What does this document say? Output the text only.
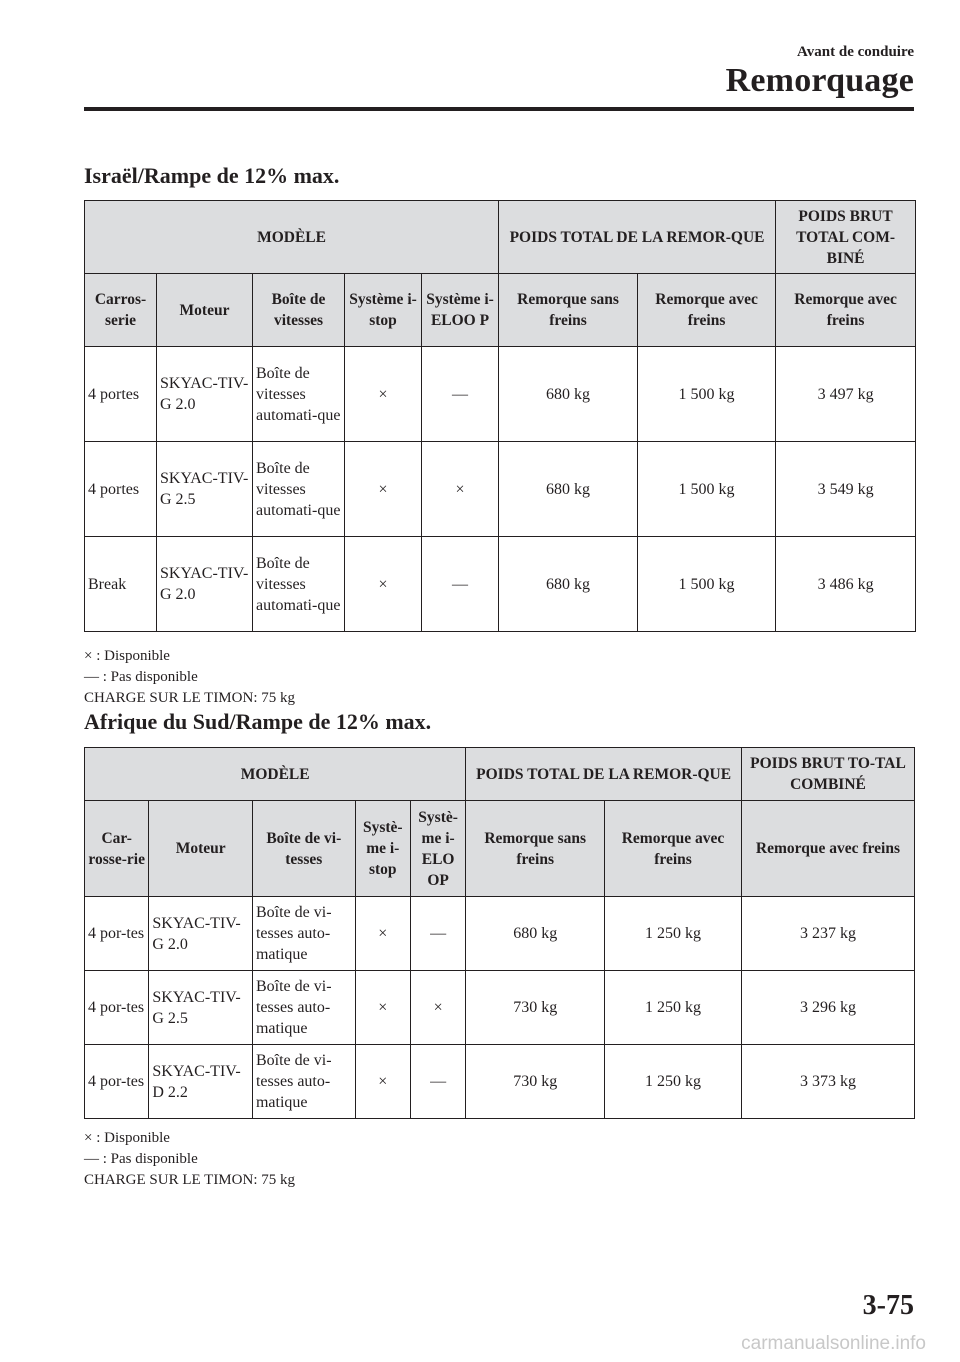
Avant de conduire
Remorquage
Israël/Rampe de 12% max.
MODÈLE					POIDS TOTAL DE LA REMOR-QUE		POIDS BRUT TOTAL COM-BINÉ
Carros-serie	Moteur	Boîte de vitesses	Système i-stop	Système i-ELOO P	Remorque sans freins	Remorque avec freins	Remorque avec freins
4 portes	SKYAC-TIV-G 2.0	Boîte de vitesses automati-que	×	—	680 kg	1 500 kg	3 497 kg
4 portes	SKYAC-TIV-G 2.5	Boîte de vitesses automati-que	×	×	680 kg	1 500 kg	3 549 kg
Break	SKYAC-TIV-G 2.0	Boîte de vitesses automati-que	×	—	680 kg	1 500 kg	3 486 kg
× : Disponible
— : Pas disponible
CHARGE SUR LE TIMON: 75 kg
Afrique du Sud/Rampe de 12% max.
MODÈLE					POIDS TOTAL DE LA REMOR-QUE		POIDS BRUT TO-TAL COMBINÉ
Car-rosse-rie	Moteur	Boîte de vi-tesses	Systè-me i-stop	Systè-me i-ELO OP	Remorque sans freins	Remorque avec freins	Remorque avec freins
4 por-tes	SKYAC-TIV-G 2.0	Boîte de vi-tesses auto-matique	×	—	680 kg	1 250 kg	3 237 kg
4 por-tes	SKYAC-TIV-G 2.5	Boîte de vi-tesses auto-matique	×	×	730 kg	1 250 kg	3 296 kg
4 por-tes	SKYAC-TIV-D 2.2	Boîte de vi-tesses auto-matique	×	—	730 kg	1 250 kg	3 373 kg
× : Disponible
— : Pas disponible
CHARGE SUR LE TIMON: 75 kg
3-75
carmanualsonline.info
